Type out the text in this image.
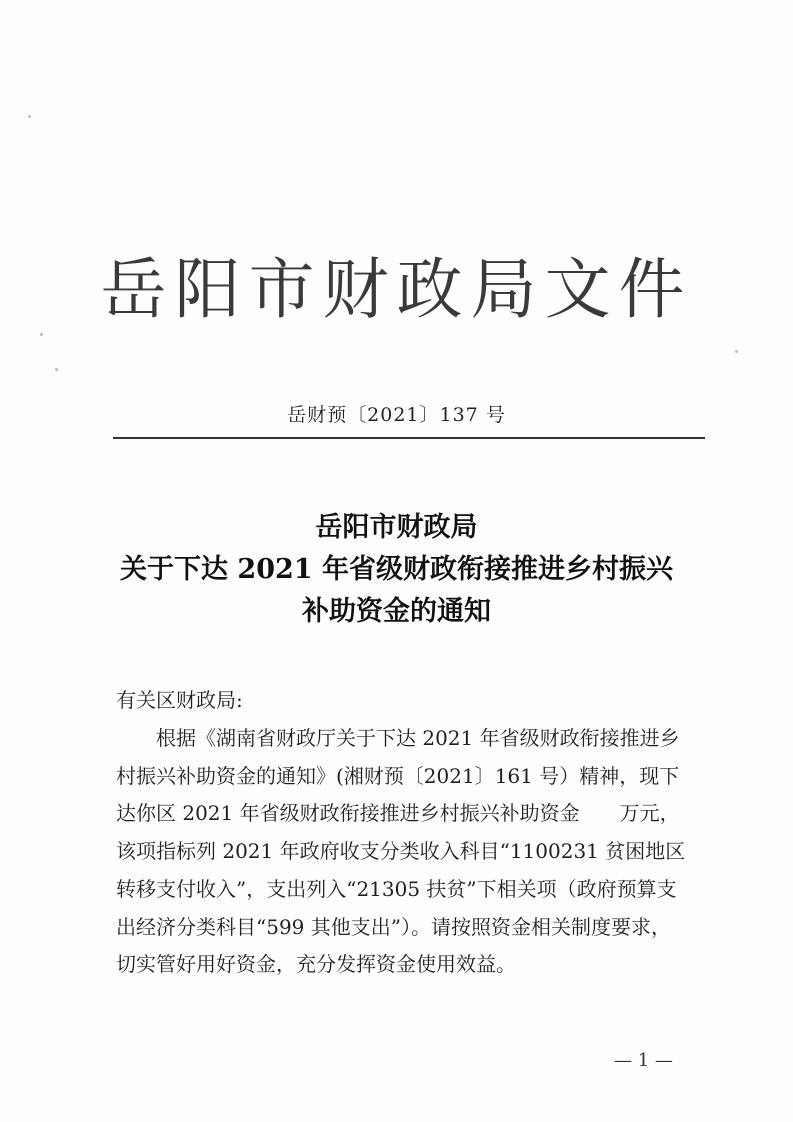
岳阳市财政局文件
岳财预〔2021〕137 号
岳阳市财政局
关于下达 2021 年省级财政衔接推进乡村振兴
补助资金的通知
有关区财政局:
根据《湖南省财政厅关于下达 2021 年省级财政衔接推进乡
村振兴补助资金的通知》(湘财预〔2021〕161 号）精神，现下
达你区 2021 年省级财政衔接推进乡村振兴补助资金　　万元，
该项指标列 2021 年政府收支分类收入科目“1100231 贫困地区
转移支付收入”，支出列入“21305 扶贫”下相关项（政府预算支
出经济分类科目“599 其他支出”）。请按照资金相关制度要求，
切实管好用好资金，充分发挥资金使用效益。
— 1 —
